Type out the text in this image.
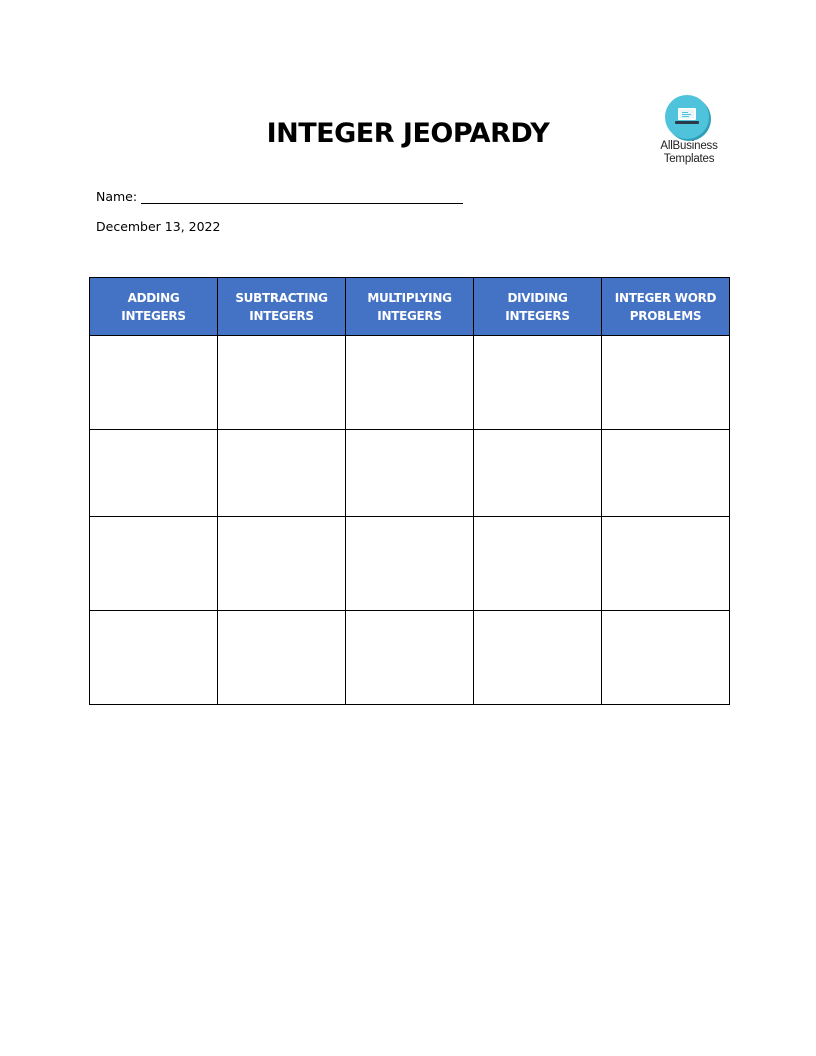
INTEGER JEOPARDY	AllBusiness
Templates
Name:
December 13, 2022
ADDING INTEGERS	SUBTRACTING INTEGERS	MULTIPLYING INTEGERS	DIVIDING INTEGERS	INTEGER WORD PROBLEMS
